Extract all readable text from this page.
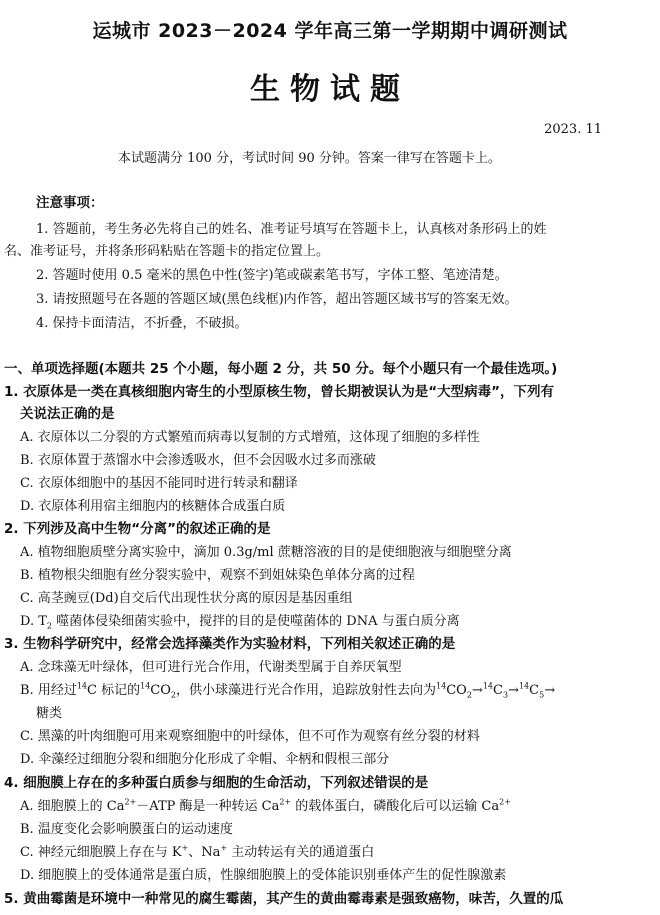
运城市 2023－2024 学年高三第一学期期中调研测试
生物试题
2023. 11
本试题满分 100 分，考试时间 90 分钟。答案一律写在答题卡上。
注意事项：
1. 答题前，考生务必先将自己的姓名、准考证号填写在答题卡上，认真核对条形码上的姓
名、准考证号，并将条形码粘贴在答题卡的指定位置上。
2. 答题时使用 0.5 毫米的黑色中性(签字)笔或碳素笔书写，字体工整、笔迹清楚。
3. 请按照题号在各题的答题区域(黑色线框)内作答，超出答题区域书写的答案无效。
4. 保持卡面清洁，不折叠，不破损。
一、单项选择题(本题共 25 个小题，每小题 2 分，共 50 分。每个小题只有一个最佳选项。)
1. 衣原体是一类在真核细胞内寄生的小型原核生物，曾长期被误认为是“大型病毒”，下列有
关说法正确的是
A. 衣原体以二分裂的方式繁殖而病毒以复制的方式增殖，这体现了细胞的多样性
B. 衣原体置于蒸馏水中会渗透吸水，但不会因吸水过多而涨破
C. 衣原体细胞中的基因不能同时进行转录和翻译
D. 衣原体利用宿主细胞内的核糖体合成蛋白质
2. 下列涉及高中生物“分离”的叙述正确的是
A. 植物细胞质壁分离实验中，滴加 0.3g/ml 蔗糖溶液的目的是使细胞液与细胞壁分离
B. 植物根尖细胞有丝分裂实验中，观察不到姐妹染色单体分离的过程
C. 高茎豌豆(Dd)自交后代出现性状分离的原因是基因重组
D. $T_2$ 噬菌体侵染细菌实验中，搅拌的目的是使噬菌体的 DNA 与蛋白质分离
3. 生物科学研究中，经常会选择藻类作为实验材料，下列相关叙述正确的是
A. 念珠藻无叶绿体，但可进行光合作用，代谢类型属于自养厌氧型
B. 用经过$^{14}$C 标记的$^{14}CO_2$，供小球藻进行光合作用，追踪放射性去向为$^{14}CO_2\to^{14}C_3\to^{14}C_5\to$
糖类
C. 黑藻的叶肉细胞可用来观察细胞中的叶绿体，但不可作为观察有丝分裂的材料
D. 伞藻经过细胞分裂和细胞分化形成了伞帽、伞柄和假根三部分
4. 细胞膜上存在的多种蛋白质参与细胞的生命活动，下列叙述错误的是
A. 细胞膜上的 $Ca^{2+}-ATP$ 酶是一种转运 $Ca^{2+}$ 的载体蛋白，磷酸化后可以运输 $Ca^{2+}$
B. 温度变化会影响膜蛋白的运动速度
C. 神经元细胞膜上存在与 K+、Na+ 主动转运有关的通道蛋白
D. 细胞膜上的受体通常是蛋白质，性腺细胞膜上的受体能识别垂体产生的促性腺激素
5. 黄曲霉菌是环境中一种常见的腐生霉菌，其产生的黄曲霉毒素是强致癌物，味苦，久置的瓜
